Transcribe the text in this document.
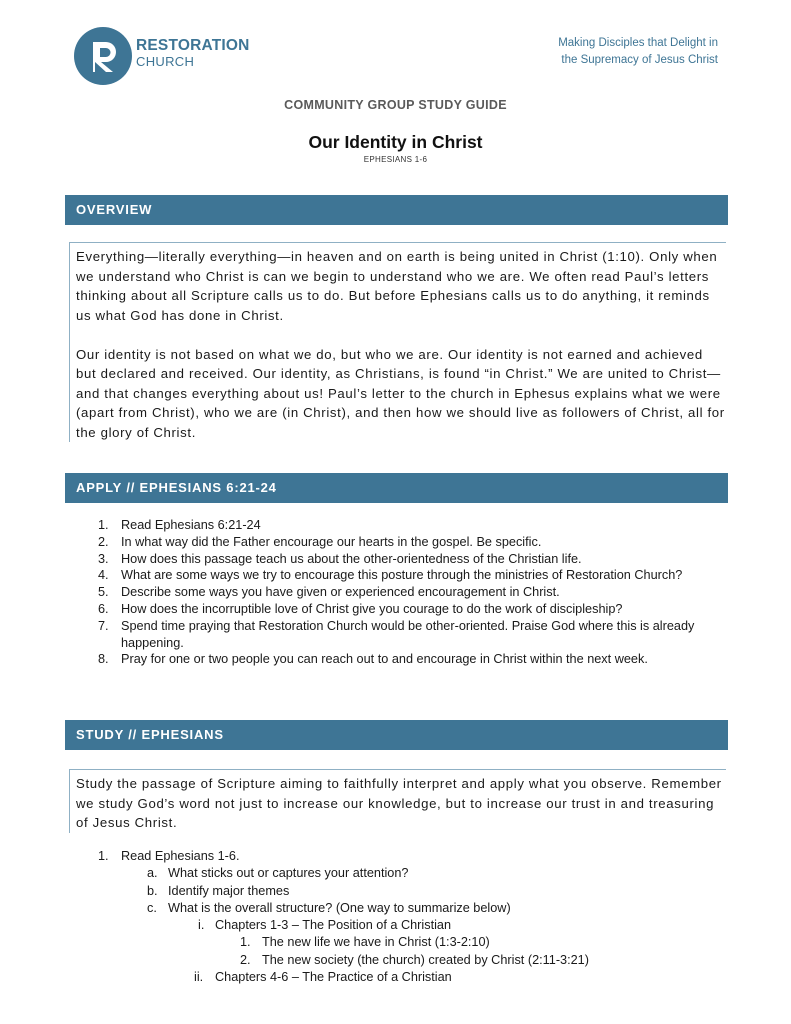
RESTORATION
CHURCH
Making Disciples that Delight in
the Supremacy of Jesus Christ
COMMUNITY GROUP STUDY GUIDE
Our Identity in Christ
EPHESIANS 1-6
OVERVIEW

Everything—literally everything—in heaven and on earth is being united in Christ (1:10). Only when we understand who Christ is can we begin to understand who we are. We often read Paul’s letters thinking about all Scripture calls us to do. But before Ephesians calls us to do anything, it reminds us what God has done in Christ.

Our identity is not based on what we do, but who we are. Our identity is not earned and achieved but declared and received. Our identity, as Christians, is found “in Christ.” We are united to Christ—and that changes everything about us! Paul’s letter to the church in Ephesus explains what we were (apart from Christ), who we are (in Christ), and then how we should live as followers of Christ, all for the glory of Christ.

APPLY // EPHESIANS 6:21-24
1. Read Ephesians 6:21-24
2. In what way did the Father encourage our hearts in the gospel. Be specific.
3. How does this passage teach us about the other-orientedness of the Christian life.
4. What are some ways we try to encourage this posture through the ministries of Restoration Church?
5. Describe some ways you have given or experienced encouragement in Christ.
6. How does the incorruptible love of Christ give you courage to do the work of discipleship?
7. Spend time praying that Restoration Church would be other-oriented. Praise God where this is already happening.
8. Pray for one or two people you can reach out to and encourage in Christ within the next week.
STUDY // EPHESIANS

Study the passage of Scripture aiming to faithfully interpret and apply what you observe. Remember we study God’s word not just to increase our knowledge, but to increase our trust in and treasuring of Jesus Christ.

1. Read Ephesians 1-6.
a. What sticks out or captures your attention?
b. Identify major themes
c. What is the overall structure? (One way to summarize below)
i. Chapters 1-3 – The Position of a Christian
1. The new life we have in Christ (1:3-2:10)
2. The new society (the church) created by Christ (2:11-3:21)
ii. Chapters 4-6 – The Practice of a Christian
